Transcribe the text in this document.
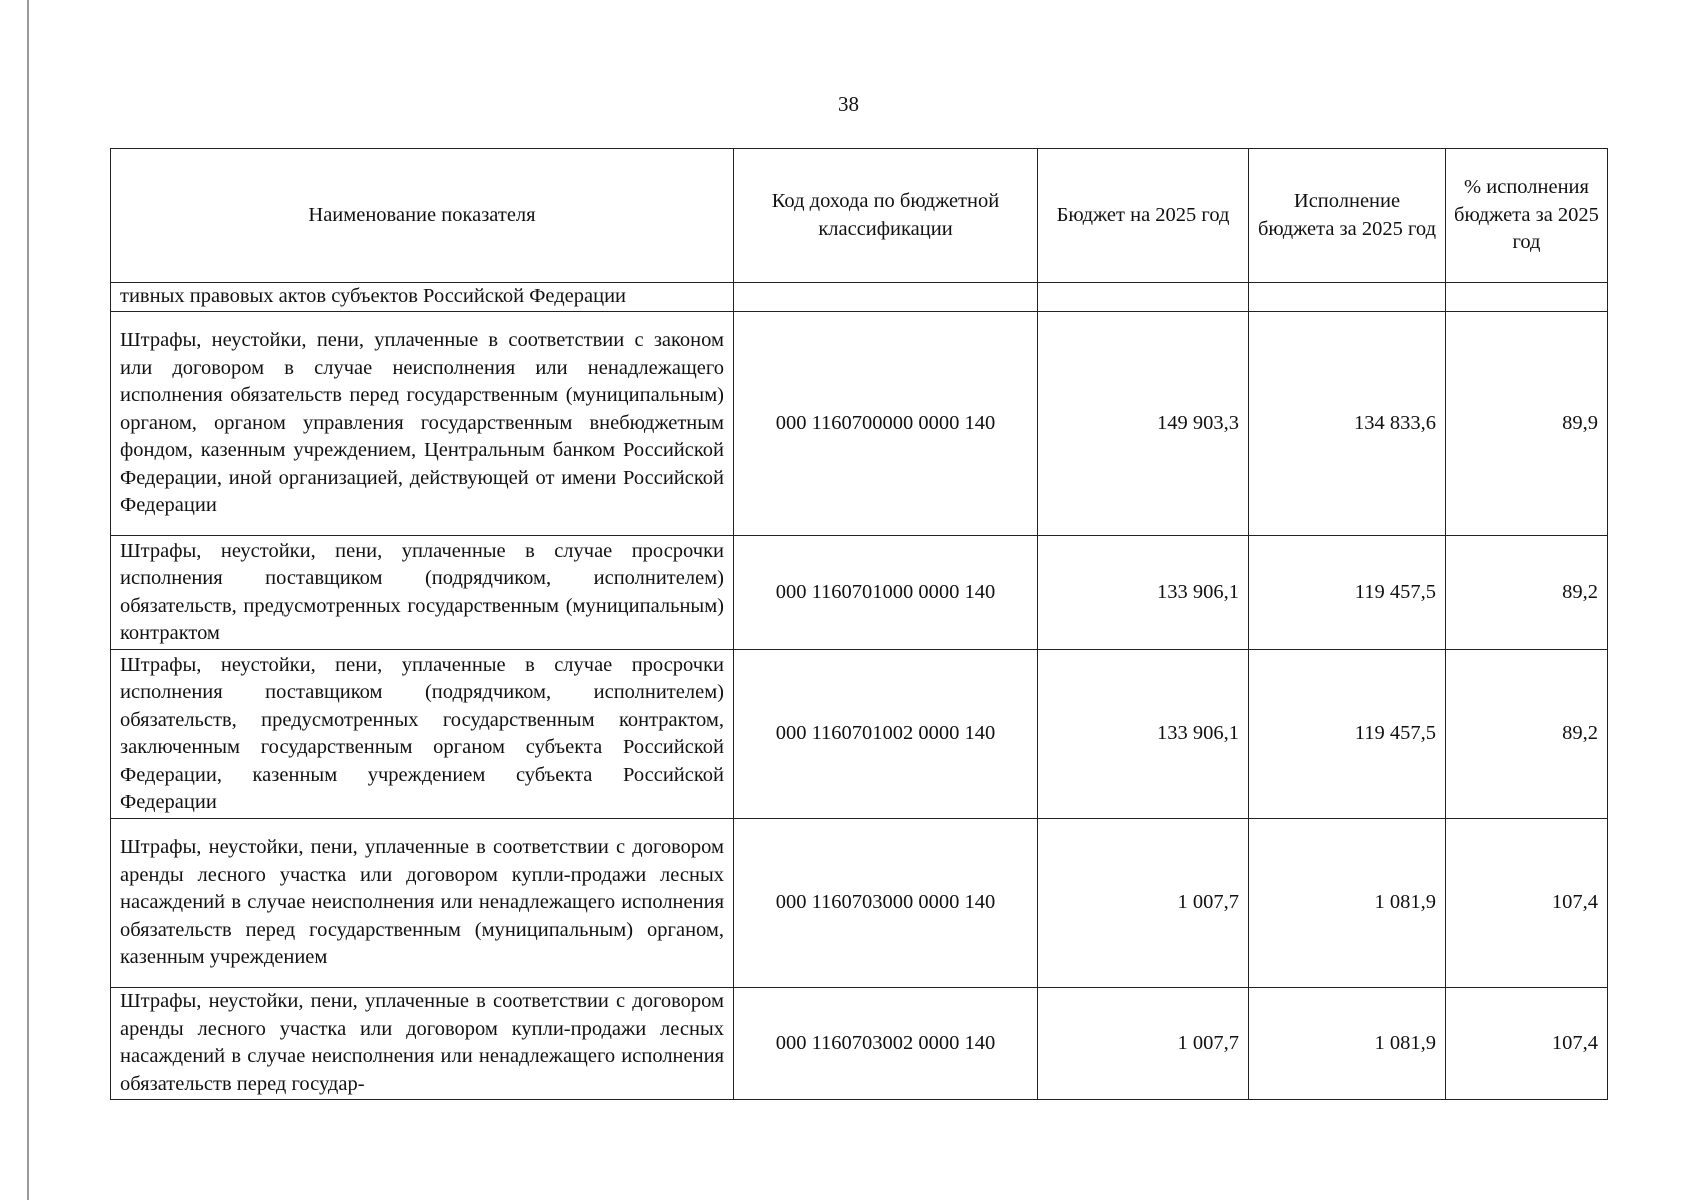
38
Наименование показателя	Код дохода по бюджетной классификации	Бюджет на 2025 год	Исполнение бюджета за 2025 год	% исполнения бюджета за 2025 год
тивных правовых актов субъектов Российской Федерации				
Штрафы, неустойки, пени, уплаченные в соответствии с законом или договором в случае неисполнения или ненадлежащего исполнения обязательств перед государственным (муниципальным) органом, органом управления государственным внебюджетным фондом, казенным учреждением, Центральным банком Российской Федерации, иной организацией, действующей от имени Российской Федерации	000 1160700000 0000 140	149 903,3	134 833,6	89,9
Штрафы, неустойки, пени, уплаченные в случае просрочки исполнения поставщиком (подрядчиком, исполнителем) обязательств, предусмотренных государственным (муниципальным) контрактом	000 1160701000 0000 140	133 906,1	119 457,5	89,2
Штрафы, неустойки, пени, уплаченные в случае просрочки исполнения поставщиком (подрядчиком, исполнителем) обязательств, предусмотренных государственным контрактом, заключенным государственным органом субъекта Российской Федерации, казенным учреждением субъекта Российской Федерации	000 1160701002 0000 140	133 906,1	119 457,5	89,2
Штрафы, неустойки, пени, уплаченные в соответствии с договором аренды лесного участка или договором купли-продажи лесных насаждений в случае неисполнения или ненадлежащего исполнения обязательств перед государственным (муниципальным) органом, казенным учреждением	000 1160703000 0000 140	1 007,7	1 081,9	107,4
Штрафы, неустойки, пени, уплаченные в соответствии с договором аренды лесного участка или договором купли-продажи лесных насаждений в случае неисполнения или ненадлежащего исполнения обязательств перед государ-	000 1160703002 0000 140	1 007,7	1 081,9	107,4
